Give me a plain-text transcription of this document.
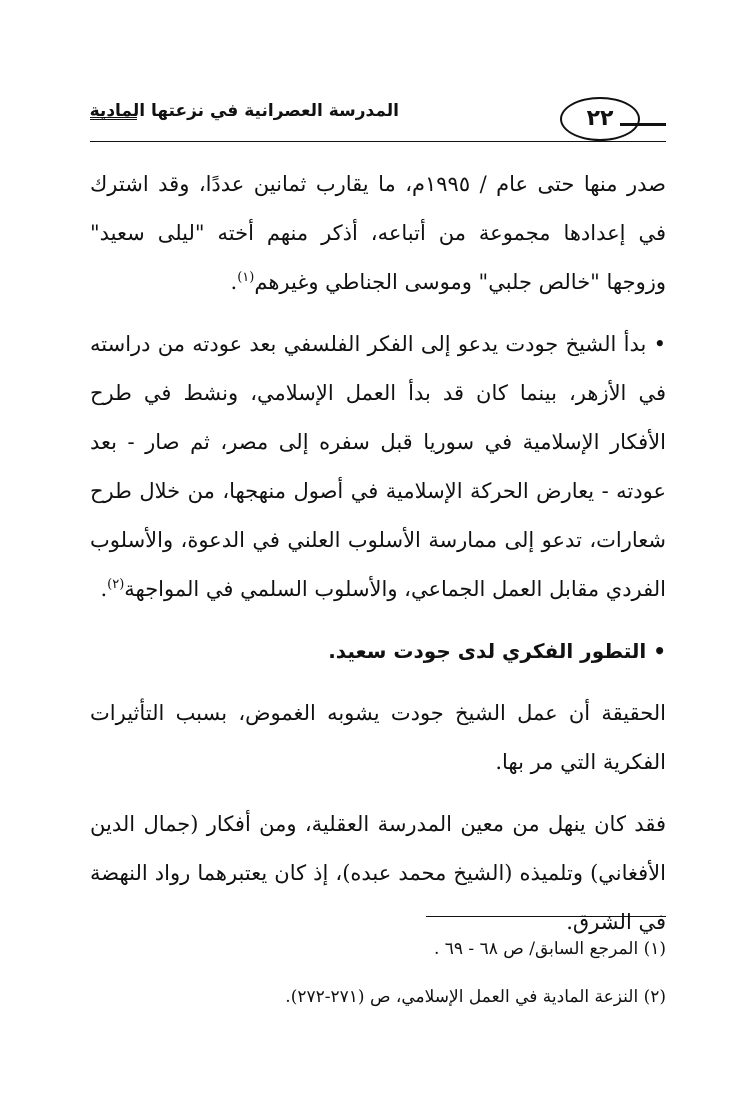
المدرسة العصرانية في نزعتها المادية	٢٢

صدر منها حتى عام / ١٩٩٥م، ما يقارب ثمانين عددًا، وقد اشترك في إعدادها مجموعة من أتباعه، أذكر منهم أخته "ليلى سعيد" وزوجها "خالص جلبي" وموسى الجناطي وغيرهم$^{(١)}$.

• بدأ الشيخ جودت يدعو إلى الفكر الفلسفي بعد عودته من دراسته في الأزهر، بينما كان قد بدأ العمل الإسلامي، ونشط في طرح الأفكار الإسلامية في سوريا قبل سفره إلى مصر، ثم صار - بعد عودته - يعارض الحركة الإسلامية في أصول منهجها، من خلال طرح شعارات، تدعو إلى ممارسة الأسلوب العلني في الدعوة، والأسلوب الفردي مقابل العمل الجماعي، والأسلوب السلمي في المواجهة$^{(٢)}$.

• التطور الفكري لدى جودت سعيد.

الحقيقة أن عمل الشيخ جودت يشوبه الغموض، بسبب التأثيرات الفكرية التي مر بها.

فقد كان ينهل من معين المدرسة العقلية، ومن أفكار (جمال الدين الأفغاني) وتلميذه (الشيخ محمد عبده)، إذ كان يعتبرهما رواد النهضة في الشرق.

(١) المرجع السابق/ ص ٦٨ - ٦٩ .

(٢) النزعة المادية في العمل الإسلامي، ص (٢٧١-٢٧٢).
